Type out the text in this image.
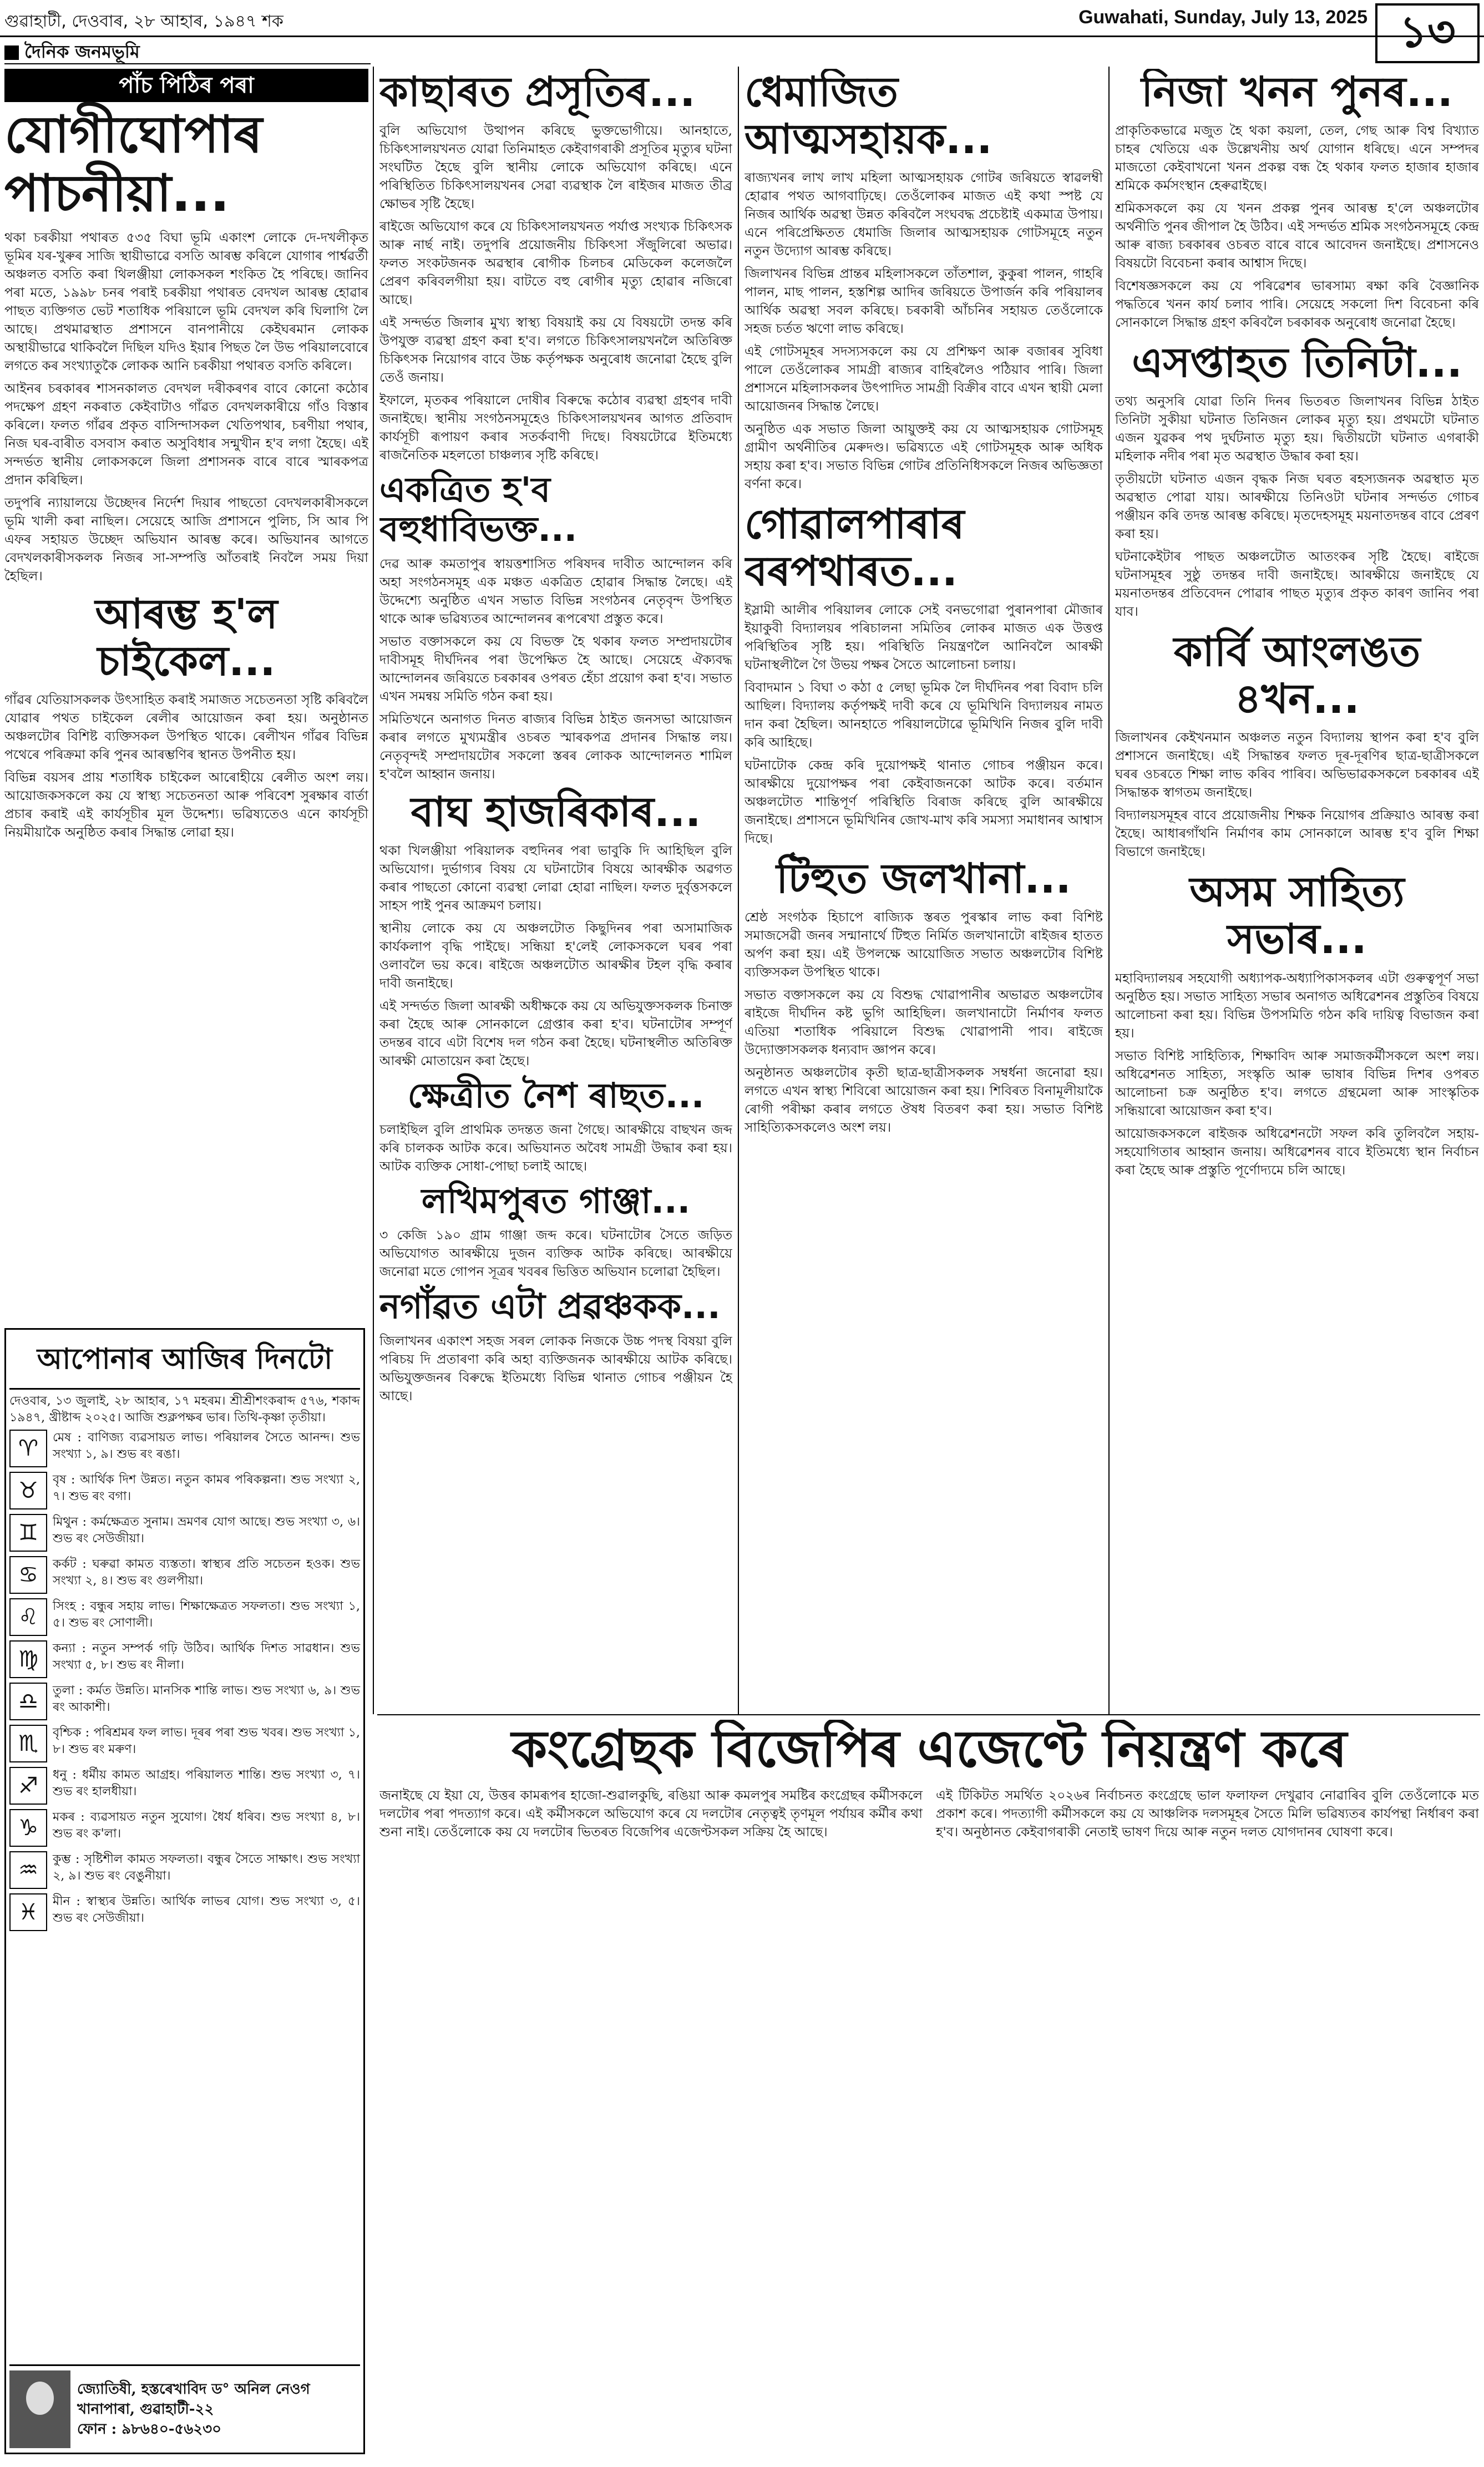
গুৱাহাটী, দেওবাৰ, ২৮ আহাৰ, ১৯৪৭ শক	Guwahati, Sunday, July 13, 2025 ১৩
দৈনিক জনমভূমি
পাঁচ পিঠিৰ পৰা
যোগীঘোপাৰ পাচনীয়া...

থকা চৰকীয়া পথাৰত ৫৩৫ বিঘা ভূমি একাংশ লোকে দে-দখলীকৃত ভূমিৰ যৰ-খুৰুৰ সাজি স্থায়ীভাৱে বসতি আৰম্ভ কৰিলে যোগাৰ পাৰ্শ্বৱৰ্তী অঞ্চলত বসতি কৰা থিলঞ্জীয়া লোকসকল শংকিত হৈ পৰিছে। জানিব পৰা মতে, ১৯৯৮ চনৰ পৰাই চৰকীয়া পথাৰত বেদখল আৰম্ভ হোৱাৰ পাছত ব্যক্তিগত ভেট শতাধিক পৰিয়ালে ভূমি বেদখল কৰি ঘিলাগি লৈ আছে। প্ৰথমাৱস্থাত প্ৰশাসনে বানপানীয়ে কেইঘৰমান লোকক অস্থায়ীভাৱে থাকিবলৈ দিছিল যদিও ইয়াৰ পিছত লৈ উভ পৰিয়ালবোৰে লগতে কৰ সংখ্যাতুকৈ লোকক আনি চৰকীয়া পথাৰত বসতি কৰিলে।

আইনৰ চৰকাৰৰ শাসনকালত বেদখল দৰীকৰণৰ বাবে কোনো কঠোৰ পদক্ষেপ গ্ৰহণ নকৰাত কেইবাটাও গাঁৱত বেদখলকাৰীয়ে গাঁও বিস্তাৰ কৰিলে। ফলত গাঁৱৰ প্ৰকৃত বাসিন্দাসকল খেতিপথাৰ, চৰণীয়া পথাৰ, নিজ ঘৰ-বাৰীত বসবাস কৰাত অসুবিধাৰ সন্মুখীন হ'ব লগা হৈছে। এই সন্দৰ্ভত স্থানীয় লোকসকলে জিলা প্ৰশাসনক বাৰে বাৰে স্মাৰকপত্ৰ প্ৰদান কৰিছিল।

তদুপৰি ন্যায়ালয়ে উচ্ছেদৰ নিৰ্দেশ দিয়াৰ পাছতো বেদখলকাৰীসকলে ভূমি খালী কৰা নাছিল। সেয়েহে আজি প্ৰশাসনে পুলিচ, সি আৰ পি এফৰ সহায়ত উচ্ছেদ অভিযান আৰম্ভ কৰে। অভিযানৰ আগতে বেদখলকাৰীসকলক নিজৰ সা-সম্পত্তি আঁতৰাই নিবলৈ সময় দিয়া হৈছিল।

আৰম্ভ হ'ল চাইকেল...

গাঁৱৰ যেতিয়াসকলক উৎসাহিত কৰাই সমাজত সচেতনতা সৃষ্টি কৰিবলৈ যোৱাৰ পথত চাইকেল ৰেলীৰ আয়োজন কৰা হয়। অনুষ্ঠানত অঞ্চলটোৰ বিশিষ্ট ব্যক্তিসকল উপস্থিত থাকে। ৰেলীখন গাঁৱৰ বিভিন্ন পথেৰে পৰিক্ৰমা কৰি পুনৰ আৰম্ভণিৰ স্থানত উপনীত হয়।

বিভিন্ন বয়সৰ প্ৰায় শতাধিক চাইকেল আৰোহীয়ে ৰেলীত অংশ লয়। আয়োজকসকলে কয় যে স্বাস্থ্য সচেতনতা আৰু পৰিবেশ সুৰক্ষাৰ বাৰ্তা প্ৰচাৰ কৰাই এই কাৰ্যসূচীৰ মূল উদ্দেশ্য। ভৱিষ্যতেও এনে কাৰ্যসূচী নিয়মীয়াকৈ অনুষ্ঠিত কৰাৰ সিদ্ধান্ত লোৱা হয়।

আপোনাৰ আজিৰ দিনটো

দেওবাৰ, ১৩ জুলাই, ২৮ আহাৰ, ১৭ মহৰম। শ্ৰীশ্ৰীশংকৰাব্দ ৫৭৬, শকাব্দ ১৯৪৭, খ্ৰীষ্টাব্দ ২০২৫। আজি শুক্লপক্ষৰ ভাৰ। তিথি-কৃষ্ণা তৃতীয়া।

♈	মেষ : বাণিজ্য ব্যৱসায়ত লাভ। পৰিয়ালৰ সৈতে আনন্দ। শুভ সংখ্যা ১, ৯। শুভ ৰং ৰঙা।
♉	বৃষ : আৰ্থিক দিশ উন্নত। নতুন কামৰ পৰিকল্পনা। শুভ সংখ্যা ২, ৭। শুভ ৰং বগা।
♊	মিথুন : কৰ্মক্ষেত্ৰত সুনাম। ভ্ৰমণৰ যোগ আছে। শুভ সংখ্যা ৩, ৬। শুভ ৰং সেউজীয়া।
♋	কৰ্কট : ঘৰুৱা কামত ব্যস্ততা। স্বাস্থ্যৰ প্ৰতি সচেতন হওক। শুভ সংখ্যা ২, ৪। শুভ ৰং গুলপীয়া।
♌	সিংহ : বন্ধুৰ সহায় লাভ। শিক্ষাক্ষেত্ৰত সফলতা। শুভ সংখ্যা ১, ৫। শুভ ৰং সোণালী।
♍	কন্যা : নতুন সম্পৰ্ক গঢ়ি উঠিব। আৰ্থিক দিশত সাৱধান। শুভ সংখ্যা ৫, ৮। শুভ ৰং নীলা।
♎	তুলা : কৰ্মত উন্নতি। মানসিক শান্তি লাভ। শুভ সংখ্যা ৬, ৯। শুভ ৰং আকাশী।
♏	বৃশ্চিক : পৰিশ্ৰমৰ ফল লাভ। দূৰৰ পৰা শুভ খবৰ। শুভ সংখ্যা ১, ৮। শুভ ৰং মৰুণ।
♐	ধনু : ধৰ্মীয় কামত আগ্ৰহ। পৰিয়ালত শান্তি। শুভ সংখ্যা ৩, ৭। শুভ ৰং হালধীয়া।
♑	মকৰ : ব্যৱসায়ত নতুন সুযোগ। ধৈৰ্য ধৰিব। শুভ সংখ্যা ৪, ৮। শুভ ৰং ক'লা।
♒	কুম্ভ : সৃষ্টিশীল কামত সফলতা। বন্ধুৰ সৈতে সাক্ষাৎ। শুভ সংখ্যা ২, ৯। শুভ ৰং বেঙুনীয়া।
♓	মীন : স্বাস্থ্যৰ উন্নতি। আৰ্থিক লাভৰ যোগ। শুভ সংখ্যা ৩, ৫। শুভ ৰং সেউজীয়া।
জ্যোতিষী, হস্তৰেখাবিদ ড° অনিল নেওগ
খানাপাৰা, গুৱাহাটী-২২
ফোন : ৯৮৬৪০-৫৬২৩০
কাছাৰত প্ৰসূতিৰ...

বুলি অভিযোগ উত্থাপন কৰিছে ভুক্তভোগীয়ে। আনহাতে, চিকিৎসালয়খনত যোৱা তিনিমাহত কেইবাগৰাকী প্ৰসূতিৰ মৃত্যুৰ ঘটনা সংঘটিত হৈছে বুলি স্থানীয় লোকে অভিযোগ কৰিছে। এনে পৰিস্থিতিত চিকিৎসালয়খনৰ সেৱা ব্যৱস্থাক লৈ ৰাইজৰ মাজত তীব্ৰ ক্ষোভৰ সৃষ্টি হৈছে।

ৰাইজে অভিযোগ কৰে যে চিকিৎসালয়খনত পৰ্যাপ্ত সংখ্যক চিকিৎসক আৰু নাৰ্ছ নাই। তদুপৰি প্ৰয়োজনীয় চিকিৎসা সঁজুলিৰো অভাৱ। ফলত সংকটজনক অৱস্থাৰ ৰোগীক চিলচৰ মেডিকেল কলেজলৈ প্ৰেৰণ কৰিবলগীয়া হয়। বাটতে বহু ৰোগীৰ মৃত্যু হোৱাৰ নজিৰো আছে।

এই সন্দৰ্ভত জিলাৰ মুখ্য স্বাস্থ্য বিষয়াই কয় যে বিষয়টো তদন্ত কৰি উপযুক্ত ব্যৱস্থা গ্ৰহণ কৰা হ'ব। লগতে চিকিৎসালয়খনলৈ অতিৰিক্ত চিকিৎসক নিয়োগৰ বাবে উচ্চ কৰ্তৃপক্ষক অনুৰোধ জনোৱা হৈছে বুলি তেওঁ জনায়।

ইফালে, মৃতকৰ পৰিয়ালে দোষীৰ বিৰুদ্ধে কঠোৰ ব্যৱস্থা গ্ৰহণৰ দাবী জনাইছে। স্থানীয় সংগঠনসমূহেও চিকিৎসালয়খনৰ আগত প্ৰতিবাদ কাৰ্যসূচী ৰূপায়ণ কৰাৰ সতৰ্কবাণী দিছে। বিষয়টোৱে ইতিমধ্যে ৰাজনৈতিক মহলতো চাঞ্চল্যৰ সৃষ্টি কৰিছে।

একত্ৰিত হ'ব বহুধাবিভক্ত...

দেৱ আৰু কমতাপুৰ স্বায়ত্তশাসিত পৰিষদৰ দাবীত আন্দোলন কৰি অহা সংগঠনসমূহ এক মঞ্চত একত্ৰিত হোৱাৰ সিদ্ধান্ত লৈছে। এই উদ্দেশ্যে অনুষ্ঠিত এখন সভাত বিভিন্ন সংগঠনৰ নেতৃবৃন্দ উপস্থিত থাকে আৰু ভৱিষ্যতৰ আন্দোলনৰ ৰূপৰেখা প্ৰস্তুত কৰে।

সভাত বক্তাসকলে কয় যে বিভক্ত হৈ থকাৰ ফলত সম্প্ৰদায়টোৰ দাবীসমূহ দীৰ্ঘদিনৰ পৰা উপেক্ষিত হৈ আছে। সেয়েহে ঐক্যবদ্ধ আন্দোলনৰ জৰিয়তে চৰকাৰৰ ওপৰত হেঁচা প্ৰয়োগ কৰা হ'ব। সভাত এখন সমন্বয় সমিতি গঠন কৰা হয়।

সমিতিখনে অনাগত দিনত ৰাজ্যৰ বিভিন্ন ঠাইত জনসভা আয়োজন কৰাৰ লগতে মুখ্যমন্ত্ৰীৰ ওচৰত স্মাৰকপত্ৰ প্ৰদানৰ সিদ্ধান্ত লয়। নেতৃবৃন্দই সম্প্ৰদায়টোৰ সকলো স্তৰৰ লোকক আন্দোলনত শামিল হ'বলৈ আহ্বান জনায়।

বাঘ হাজৰিকাৰ...

থকা খিলঞ্জীয়া পৰিয়ালক বহুদিনৰ পৰা ভাবুকি দি আহিছিল বুলি অভিযোগ। দুৰ্ভাগ্যৰ বিষয় যে ঘটনাটোৰ বিষয়ে আৰক্ষীক অৱগত কৰাৰ পাছতো কোনো ব্যৱস্থা লোৱা হোৱা নাছিল। ফলত দুৰ্বৃত্তসকলে সাহস পাই পুনৰ আক্ৰমণ চলায়।

স্থানীয় লোকে কয় যে অঞ্চলটোত কিছুদিনৰ পৰা অসামাজিক কাৰ্যকলাপ বৃদ্ধি পাইছে। সন্ধিয়া হ'লেই লোকসকলে ঘৰৰ পৰা ওলাবলৈ ভয় কৰে। ৰাইজে অঞ্চলটোত আৰক্ষীৰ টহল বৃদ্ধি কৰাৰ দাবী জনাইছে।

এই সন্দৰ্ভত জিলা আৰক্ষী অধীক্ষকে কয় যে অভিযুক্তসকলক চিনাক্ত কৰা হৈছে আৰু সোনকালে গ্ৰেপ্তাৰ কৰা হ'ব। ঘটনাটোৰ সম্পূৰ্ণ তদন্তৰ বাবে এটা বিশেষ দল গঠন কৰা হৈছে। ঘটনাস্থলীত অতিৰিক্ত আৰক্ষী মোতায়েন কৰা হৈছে।

ক্ষেত্ৰীত নৈশ ৰাছত...

চলাইছিল বুলি প্ৰাথমিক তদন্তত জনা গৈছে। আৰক্ষীয়ে বাছখন জব্দ কৰি চালকক আটক কৰে। অভিযানত অবৈধ সামগ্ৰী উদ্ধাৰ কৰা হয়। আটক ব্যক্তিক সোধা-পোছা চলাই আছে।

লখিমপুৰত গাঞ্জা...

৩ কেজি ১৯০ গ্ৰাম গাঞ্জা জব্দ কৰে। ঘটনাটোৰ সৈতে জড়িত অভিযোগত আৰক্ষীয়ে দুজন ব্যক্তিক আটক কৰিছে। আৰক্ষীয়ে জনোৱা মতে গোপন সূত্ৰৰ খবৰৰ ভিত্তিত অভিযান চলোৱা হৈছিল।

নগাঁৱত এটা প্ৰৱঞ্চকক...

জিলাখনৰ একাংশ সহজ সৰল লোকক নিজকে উচ্চ পদস্থ বিষয়া বুলি পৰিচয় দি প্ৰতাৰণা কৰি অহা ব্যক্তিজনক আৰক্ষীয়ে আটক কৰিছে। অভিযুক্তজনৰ বিৰুদ্ধে ইতিমধ্যে বিভিন্ন থানাত গোচৰ পঞ্জীয়ন হৈ আছে।

ধেমাজিত আত্মসহায়ক...

ৰাজ্যখনৰ লাখ লাখ মহিলা আত্মসহায়ক গোটৰ জৰিয়তে স্বাৱলম্বী হোৱাৰ পথত আগবাঢ়িছে। তেওঁলোকৰ মাজত এই কথা স্পষ্ট যে নিজৰ আৰ্থিক অৱস্থা উন্নত কৰিবলৈ সংঘবদ্ধ প্ৰচেষ্টাই একমাত্ৰ উপায়। এনে পৰিপ্ৰেক্ষিতত ধেমাজি জিলাৰ আত্মসহায়ক গোটসমূহে নতুন নতুন উদ্যোগ আৰম্ভ কৰিছে।

জিলাখনৰ বিভিন্ন প্ৰান্তৰ মহিলাসকলে তাঁতশাল, কুকুৰা পালন, গাহৰি পালন, মাছ পালন, হস্তশিল্প আদিৰ জৰিয়তে উপাৰ্জন কৰি পৰিয়ালৰ আৰ্থিক অৱস্থা সবল কৰিছে। চৰকাৰী আঁচনিৰ সহায়ত তেওঁলোকে সহজ চৰ্তত ঋণো লাভ কৰিছে।

এই গোটসমূহৰ সদস্যসকলে কয় যে প্ৰশিক্ষণ আৰু বজাৰৰ সুবিধা পালে তেওঁলোকৰ সামগ্ৰী ৰাজ্যৰ বাহিৰলৈও পঠিয়াব পাৰি। জিলা প্ৰশাসনে মহিলাসকলৰ উৎপাদিত সামগ্ৰী বিক্ৰীৰ বাবে এখন স্থায়ী মেলা আয়োজনৰ সিদ্ধান্ত লৈছে।

অনুষ্ঠিত এক সভাত জিলা আয়ুক্তই কয় যে আত্মসহায়ক গোটসমূহ গ্ৰামীণ অৰ্থনীতিৰ মেৰুদণ্ড। ভৱিষ্যতে এই গোটসমূহক আৰু অধিক সহায় কৰা হ'ব। সভাত বিভিন্ন গোটৰ প্ৰতিনিধিসকলে নিজৰ অভিজ্ঞতা বৰ্ণনা কৰে।

গোৱালপাৰাৰ বৰপথাৰত...

ইস্লামী আলীৰ পৰিয়ালৰ লোকে সেই বনভগোৱা পুৰানপাৰা মৌজাৰ ইয়াকুবী বিদ্যালয়ৰ পৰিচালনা সমিতিৰ লোকৰ মাজত এক উত্তপ্ত পৰিস্থিতিৰ সৃষ্টি হয়। পৰিস্থিতি নিয়ন্ত্ৰণলৈ আনিবলৈ আৰক্ষী ঘটনাস্থলীলৈ গৈ উভয় পক্ষৰ সৈতে আলোচনা চলায়।

বিবাদমান ১ বিঘা ৩ কঠা ৫ লেছা ভূমিক লৈ দীৰ্ঘদিনৰ পৰা বিবাদ চলি আছিল। বিদ্যালয় কৰ্তৃপক্ষই দাবী কৰে যে ভূমিখিনি বিদ্যালয়ৰ নামত দান কৰা হৈছিল। আনহাতে পৰিয়ালটোৱে ভূমিখিনি নিজৰ বুলি দাবী কৰি আহিছে।

ঘটনাটোক কেন্দ্ৰ কৰি দুয়োপক্ষই থানাত গোচৰ পঞ্জীয়ন কৰে। আৰক্ষীয়ে দুয়োপক্ষৰ পৰা কেইবাজনকো আটক কৰে। বৰ্তমান অঞ্চলটোত শান্তিপূৰ্ণ পৰিস্থিতি বিৰাজ কৰিছে বুলি আৰক্ষীয়ে জনাইছে। প্ৰশাসনে ভূমিখিনিৰ জোখ-মাখ কৰি সমস্যা সমাধানৰ আশ্বাস দিছে।

টিহুত জলখানা...

শ্ৰেষ্ঠ সংগঠক হিচাপে ৰাজ্যিক স্তৰত পুৰস্কাৰ লাভ কৰা বিশিষ্ট সমাজসেৱী জনৰ সন্মানাৰ্থে টিহুত নিৰ্মিত জলখানাটো ৰাইজৰ হাতত অৰ্পণ কৰা হয়। এই উপলক্ষে আয়োজিত সভাত অঞ্চলটোৰ বিশিষ্ট ব্যক্তিসকল উপস্থিত থাকে।

সভাত বক্তাসকলে কয় যে বিশুদ্ধ খোৱাপানীৰ অভাৱত অঞ্চলটোৰ ৰাইজে দীৰ্ঘদিন কষ্ট ভুগি আহিছিল। জলখানাটো নিৰ্মাণৰ ফলত এতিয়া শতাধিক পৰিয়ালে বিশুদ্ধ খোৱাপানী পাব। ৰাইজে উদ্যোক্তাসকলক ধন্যবাদ জ্ঞাপন কৰে।

অনুষ্ঠানত অঞ্চলটোৰ কৃতী ছাত্ৰ-ছাত্ৰীসকলক সম্বৰ্ধনা জনোৱা হয়। লগতে এখন স্বাস্থ্য শিবিৰো আয়োজন কৰা হয়। শিবিৰত বিনামূলীয়াকৈ ৰোগী পৰীক্ষা কৰাৰ লগতে ঔষধ বিতৰণ কৰা হয়। সভাত বিশিষ্ট সাহিত্যিকসকলেও অংশ লয়।

নিজা খনন পুনৰ...

প্ৰাকৃতিকভাৱে মজুত হৈ থকা কয়লা, তেল, গেছ আৰু বিশ্ব বিখ্যাত চাহৰ খেতিয়ে এক উল্লেখনীয় অৰ্থ যোগান ধৰিছে। এনে সম্পদৰ মাজতো কেইবাখনো খনন প্ৰকল্প বন্ধ হৈ থকাৰ ফলত হাজাৰ হাজাৰ শ্ৰমিকে কৰ্মসংস্থান হেৰুৱাইছে।

শ্ৰমিকসকলে কয় যে খনন প্ৰকল্প পুনৰ আৰম্ভ হ'লে অঞ্চলটোৰ অৰ্থনীতি পুনৰ জীপাল হৈ উঠিব। এই সন্দৰ্ভত শ্ৰমিক সংগঠনসমূহে কেন্দ্ৰ আৰু ৰাজ্য চৰকাৰৰ ওচৰত বাৰে বাৰে আবেদন জনাইছে। প্ৰশাসনেও বিষয়টো বিবেচনা কৰাৰ আশ্বাস দিছে।

বিশেষজ্ঞসকলে কয় যে পৰিৱেশৰ ভাৰসাম্য ৰক্ষা কৰি বৈজ্ঞানিক পদ্ধতিৰে খনন কাৰ্য চলাব পাৰি। সেয়েহে সকলো দিশ বিবেচনা কৰি সোনকালে সিদ্ধান্ত গ্ৰহণ কৰিবলৈ চৰকাৰক অনুৰোধ জনোৱা হৈছে।

এসপ্তাহত তিনিটা...

তথ্য অনুসৰি যোৱা তিনি দিনৰ ভিতৰত জিলাখনৰ বিভিন্ন ঠাইত তিনিটা সুকীয়া ঘটনাত তিনিজন লোকৰ মৃত্যু হয়। প্ৰথমটো ঘটনাত এজন যুৱকৰ পথ দুৰ্ঘটনাত মৃত্যু হয়। দ্বিতীয়টো ঘটনাত এগৰাকী মহিলাক নদীৰ পৰা মৃত অৱস্থাত উদ্ধাৰ কৰা হয়।

তৃতীয়টো ঘটনাত এজন বৃদ্ধক নিজ ঘৰত ৰহস্যজনক অৱস্থাত মৃত অৱস্থাত পোৱা যায়। আৰক্ষীয়ে তিনিওটা ঘটনাৰ সন্দৰ্ভত গোচৰ পঞ্জীয়ন কৰি তদন্ত আৰম্ভ কৰিছে। মৃতদেহসমূহ ময়নাতদন্তৰ বাবে প্ৰেৰণ কৰা হয়।

ঘটনাকেইটাৰ পাছত অঞ্চলটোত আতংকৰ সৃষ্টি হৈছে। ৰাইজে ঘটনাসমূহৰ সুষ্ঠু তদন্তৰ দাবী জনাইছে। আৰক্ষীয়ে জনাইছে যে ময়নাতদন্তৰ প্ৰতিবেদন পোৱাৰ পাছত মৃত্যুৰ প্ৰকৃত কাৰণ জানিব পৰা যাব।

কাৰ্বি আংলঙত ৪খন...

জিলাখনৰ কেইখনমান অঞ্চলত নতুন বিদ্যালয় স্থাপন কৰা হ'ব বুলি প্ৰশাসনে জনাইছে। এই সিদ্ধান্তৰ ফলত দূৰ-দূৰণিৰ ছাত্ৰ-ছাত্ৰীসকলে ঘৰৰ ওচৰতে শিক্ষা লাভ কৰিব পাৰিব। অভিভাৱকসকলে চৰকাৰৰ এই সিদ্ধান্তক স্বাগতম জনাইছে।

বিদ্যালয়সমূহৰ বাবে প্ৰয়োজনীয় শিক্ষক নিয়োগৰ প্ৰক্ৰিয়াও আৰম্ভ কৰা হৈছে। আধাৰগাঁথনি নিৰ্মাণৰ কাম সোনকালে আৰম্ভ হ'ব বুলি শিক্ষা বিভাগে জনাইছে।

অসম সাহিত্য সভাৰ...

মহাবিদ্যালয়ৰ সহযোগী অধ্যাপক-অধ্যাপিকাসকলৰ এটা গুৰুত্বপূৰ্ণ সভা অনুষ্ঠিত হয়। সভাত সাহিত্য সভাৰ অনাগত অধিৱেশনৰ প্ৰস্তুতিৰ বিষয়ে আলোচনা কৰা হয়। বিভিন্ন উপসমিতি গঠন কৰি দায়িত্ব বিভাজন কৰা হয়।

সভাত বিশিষ্ট সাহিত্যিক, শিক্ষাবিদ আৰু সমাজকৰ্মীসকলে অংশ লয়। অধিৱেশনত সাহিত্য, সংস্কৃতি আৰু ভাষাৰ বিভিন্ন দিশৰ ওপৰত আলোচনা চক্ৰ অনুষ্ঠিত হ'ব। লগতে গ্ৰন্থমেলা আৰু সাংস্কৃতিক সন্ধিয়াৰো আয়োজন কৰা হ'ব।

আয়োজকসকলে ৰাইজক অধিৱেশনটো সফল কৰি তুলিবলৈ সহায়-সহযোগিতাৰ আহ্বান জনায়। অধিৱেশনৰ বাবে ইতিমধ্যে স্থান নিৰ্বাচন কৰা হৈছে আৰু প্ৰস্তুতি পূৰ্ণোদ্যমে চলি আছে।

কংগ্ৰেছক বিজেপিৰ এজেণ্টে নিয়ন্ত্ৰণ কৰে

জনাইছে যে ইয়া যে, উত্তৰ কামৰূপৰ হাজো-শুৱালকুছি, ৰঙিয়া আৰু কমলপুৰ সমষ্টিৰ কংগ্ৰেছৰ কৰ্মীসকলে দলটোৰ পৰা পদত্যাগ কৰে। এই কৰ্মীসকলে অভিযোগ কৰে যে দলটোৰ নেতৃত্বই তৃণমূল পৰ্যায়ৰ কৰ্মীৰ কথা শুনা নাই। তেওঁলোকে কয় যে দলটোৰ ভিতৰত বিজেপিৰ এজেণ্টসকল সক্ৰিয় হৈ আছে।

এই টিকিটত সমৰ্থিত ২০২৬ৰ নিৰ্বাচনত কংগ্ৰেছে ভাল ফলাফল দেখুৱাব নোৱাৰিব বুলি তেওঁলোকে মত প্ৰকাশ কৰে। পদত্যাগী কৰ্মীসকলে কয় যে আঞ্চলিক দলসমূহৰ সৈতে মিলি ভৱিষ্যতৰ কাৰ্যপন্থা নিৰ্ধাৰণ কৰা হ'ব। অনুষ্ঠানত কেইবাগৰাকী নেতাই ভাষণ দিয়ে আৰু নতুন দলত যোগদানৰ ঘোষণা কৰে।
